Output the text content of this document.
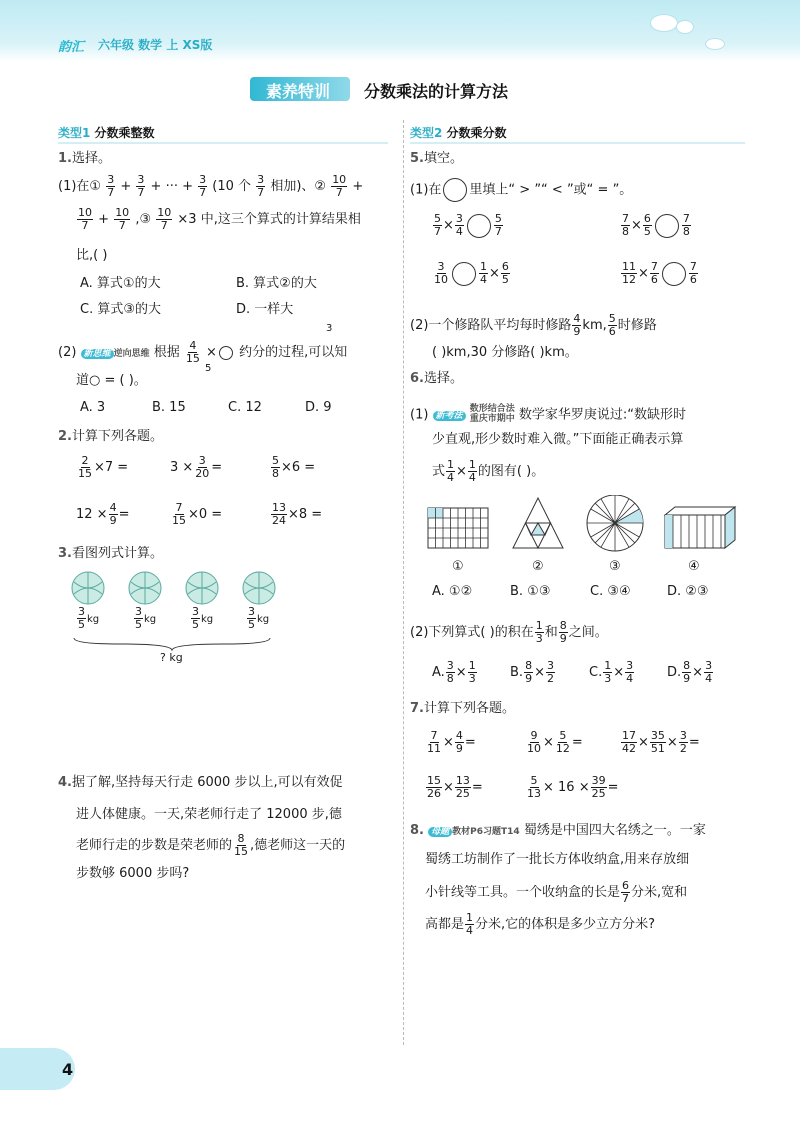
韵汇 六年级 数学 上 XS版
素养特训 分数乘法的计算方法
类型1 分数乘整数
1.选择。
(1)在① $\frac{3}{7} + \frac{3}{7}$ + ··· + $\frac{3}{7} (10$ 个 $\frac{3}{7}$ 相加)、② $\frac{10}{7}$ +
$\frac{10}{7} + \frac{10}{7}$ ,③ $\frac{10}{7} \times 3$ 中,这三个算式的计算结果相
比,( )
A. 算式①的大	B. 算式②的大
C. 算式③的大	D. 一样大
3
(2) 新思维 逆向思维 根据 $\frac{4}{15}$ × 约分的过程,可以知
5
道○ = ( )。
A. 3	B. 15	C. 12	D. 9
2.计算下列各题。
$\frac{2}{15} \times 7$ =	$3 \times \frac{3}{20}$ =	$\frac{5}{8} \times 6$ =
$12 \times \frac{4}{9}$ =	$\frac{7}{15} \times 0$ =	$\frac{13}{24} \times 8$ =
3.看图列式计算。
$\frac{3}{5}$ kg	$\frac{3}{5}$ kg	$\frac{3}{5}$ kg	$\frac{3}{5}$ kg
? kg
4.据了解,坚持每天行走 6000 步以上,可以有效促
进人体健康。一天,荣老师行走了 12000 步,德
老师行走的步数是荣老师的 $\frac{8}{15}$ ,德老师这一天的
步数够 6000 步吗?
类型2 分数乘分数
5.填空。
(1)在 里填上“ > ”“ < ”或“ = ”。
$\frac{5}{7} \times \frac{3}{4}$	$\frac{5}{7}$	$\frac{7}{8} \times \frac{6}{5}$	$\frac{7}{8}$
$\frac{3}{10}$	$\frac{1}{4} \times \frac{6}{5}$	$\frac{11}{12} \times \frac{7}{6}$	$\frac{7}{6}$
(2)一个修路队平均每时修路 $\frac{4}{9}$ km, $\frac{5}{6}$ 时修路
( )km,30 分修路( )km。
6.选择。
(1) 新考法
数形结合法
重庆市期中 数学家华罗庚说过:“数缺形时
少直观,形少数时难入微。”下面能正确表示算
式 $\frac{1}{4} \times \frac{1}{4}$ 的图有( )。
①	②	③	④
A. ①②	B. ①③	C. ③④	D. ②③
(2)下列算式( )的积在 $\frac{1}{3}$ 和 $\frac{8}{9}$ 之间。
A. $\frac{3}{8} \times \frac{1}{3}$	B. $\frac{8}{9} \times \frac{3}{2}$	C. $\frac{1}{3} \times \frac{3}{4}$	D. $\frac{8}{9} \times \frac{3}{4}$
7.计算下列各题。
$\frac{7}{11} \times \frac{4}{9}$ =	$\frac{9}{10} \times \frac{5}{12}$ =	$\frac{17}{42} \times \frac{35}{51} \times \frac{3}{2}$ =
$\frac{15}{26} \times \frac{13}{25}$ =	$\frac{5}{13} \times 16 \times \frac{39}{25}$ =
8. 母题 教材P6习题T14 蜀绣是中国四大名绣之一。一家
蜀绣工坊制作了一批长方体收纳盒,用来存放细
小针线等工具。一个收纳盒的长是 $\frac{6}{7}$ 分米,宽和
高都是 $\frac{1}{4}$ 分米,它的体积是多少立方分米?
4
